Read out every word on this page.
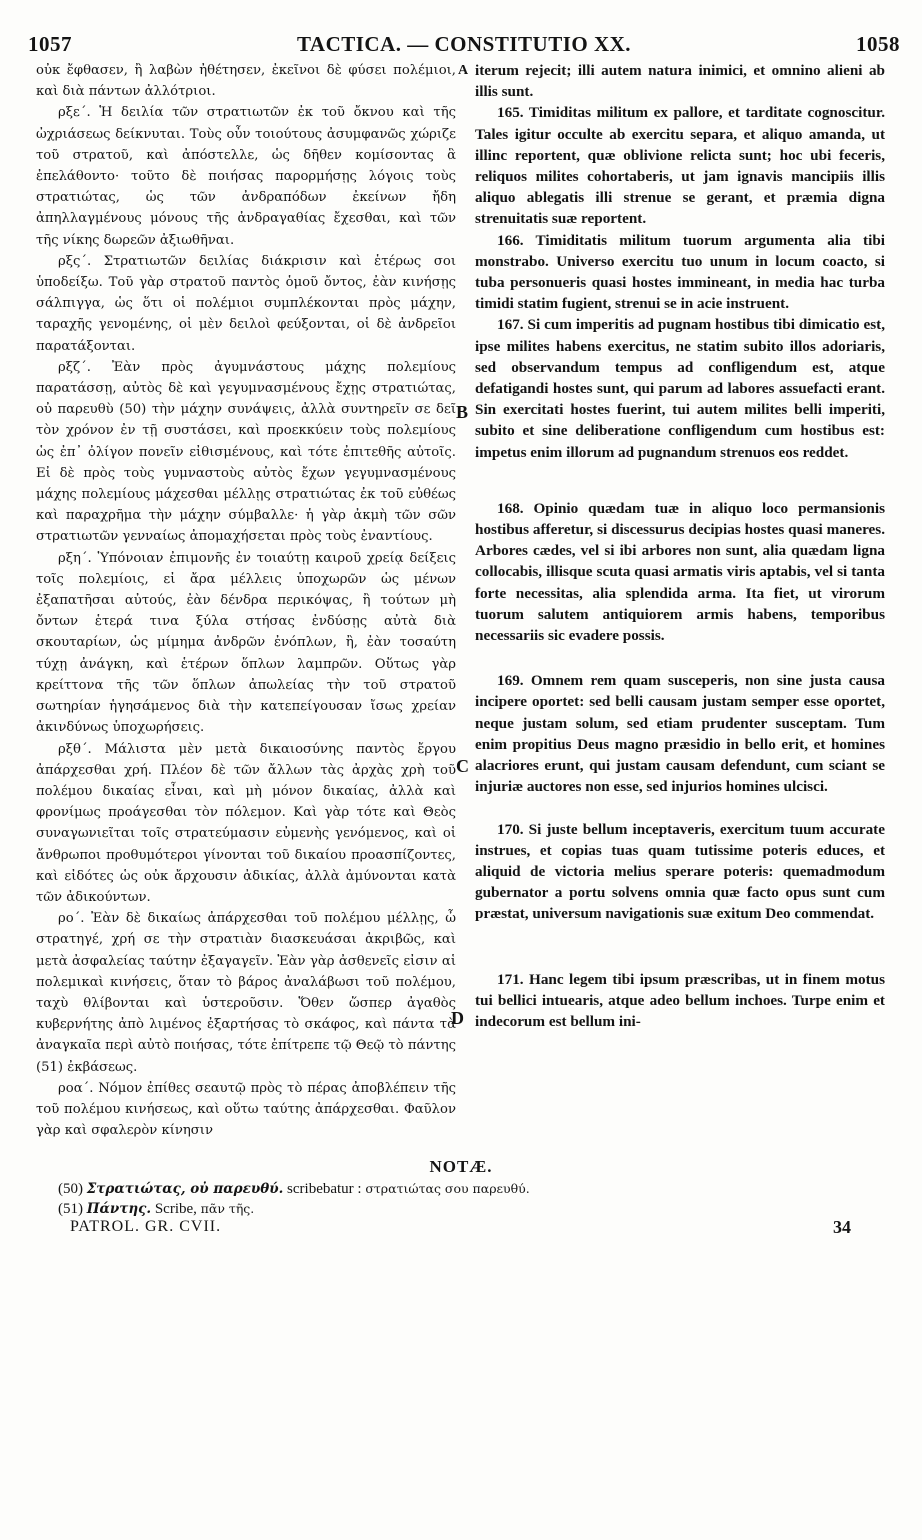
1057	TACTICA. — CONSTITUTIO XX.	1058

οὐκ ἔφθασεν, ἢ λαβὼν ἠθέτησεν, ἐκεῖνοι δὲ φύσει πολέμιοι, καὶ διὰ πάντων ἀλλότριοι.

ρξε΄. Ἡ δειλία τῶν στρατιωτῶν ἐκ τοῦ ὄκνου καὶ τῆς ὠχριάσεως δείκνυται. Τοὺς οὖν τοιούτους ἀσυμφανῶς χώριζε τοῦ στρατοῦ, καὶ ἀπόστελλε, ὡς δῆθεν κομίσοντας ἃ ἐπελάθοντο· τοῦτο δὲ ποιήσας παρορμήσῃς λόγοις τοὺς στρατιώτας, ὡς τῶν ἀνδραπόδων ἐκείνων ἤδη ἀπηλλαγμένους μόνους τῆς ἀνδραγαθίας ἔχεσθαι, καὶ τῶν τῆς νίκης δωρεῶν ἀξιωθῆναι.

ρξς΄. Στρατιωτῶν δειλίας διάκρισιν καὶ ἑτέρως σοι ὑποδείξω. Τοῦ γὰρ στρατοῦ παντὸς ὁμοῦ ὄντος, ἐὰν κινήσῃς σάλπιγγα, ὡς ὅτι οἱ πολέμιοι συμπλέκονται πρὸς μάχην, ταραχῆς γενομένης, οἱ μὲν δειλοὶ φεύξονται, οἱ δὲ ἀνδρεῖοι παρατάξονται.

ρξζ΄. Ἐὰν πρὸς ἀγυμνάστους μάχης πολεμίους παρατάσσῃ, αὐτὸς δὲ καὶ γεγυμνασμένους ἔχῃς στρατιώτας, οὐ παρευθὺ (50) τὴν μάχην συνάψεις, ἀλλὰ συντηρεῖν σε δεῖ τὸν χρόνον ἐν τῇ συστάσει, καὶ προεκκύειν τοὺς πολεμίους ὡς ἐπ᾿ ὀλίγον πονεῖν εἰθισμένους, καὶ τότε ἐπιτεθῆς αὐτοῖς. Εἰ δὲ πρὸς τοὺς γυμναστοὺς αὐτὸς ἔχων γεγυμνασμένους μάχης πολεμίους μάχεσθαι μέλλῃς στρατιώτας ἐκ τοῦ εὐθέως καὶ παραχρῆμα τὴν μάχην σύμβαλλε· ἡ γὰρ ἀκμὴ τῶν σῶν στρατιωτῶν γενναίως ἀπομαχήσεται πρὸς τοὺς ἐναντίους.

ρξη΄. Ὑπόνοιαν ἐπιμονῆς ἐν τοιαύτῃ καιροῦ χρείᾳ δείξεις τοῖς πολεμίοις, εἰ ἄρα μέλλεις ὑποχωρῶν ὡς μένων ἐξαπατῆσαι αὐτούς, ἐὰν δένδρα περικόψας, ἢ τούτων μὴ ὄντων ἑτερά τινα ξύλα στήσας ἐνδύσῃς αὐτὰ διὰ σκουταρίων, ὡς μίμημα ἀνδρῶν ἐνόπλων, ἢ, ἐὰν τοσαύτη τύχῃ ἀνάγκη, καὶ ἑτέρων ὅπλων λαμπρῶν. Οὕτως γὰρ κρείττονα τῆς τῶν ὅπλων ἀπωλείας τὴν τοῦ στρατοῦ σωτηρίαν ἡγησάμενος διὰ τὴν κατεπείγουσαν ἴσως χρείαν ἀκινδύνως ὑποχωρήσεις.

ρξθ΄. Μάλιστα μὲν μετὰ δικαιοσύνης παντὸς ἔργου ἀπάρχεσθαι χρή. Πλέον δὲ τῶν ἄλλων τὰς ἀρχὰς χρὴ τοῦ πολέμου δικαίας εἶναι, καὶ μὴ μόνον δικαίας, ἀλλὰ καὶ φρονίμως προάγεσθαι τὸν πόλεμον. Καὶ γὰρ τότε καὶ Θεὸς συναγωνιεῖται τοῖς στρατεύμασιν εὐμενὴς γενόμενος, καὶ οἱ ἄνθρωποι προθυμότεροι γίνονται τοῦ δικαίου προασπίζοντες, καὶ εἰδότες ὡς οὐκ ἄρχουσιν ἀδικίας, ἀλλὰ ἀμύνονται κατὰ τῶν ἀδικούντων.

ρο΄. Ἐὰν δὲ δικαίως ἀπάρχεσθαι τοῦ πολέμου μέλλῃς, ὦ στρατηγέ, χρή σε τὴν στρατιὰν διασκευάσαι ἀκριβῶς, καὶ μετὰ ἀσφαλείας ταύτην ἐξαγαγεῖν. Ἐὰν γὰρ ἀσθενεῖς εἰσιν αἱ πολεμικαὶ κινήσεις, ὅταν τὸ βάρος ἀναλάβωσι τοῦ πολέμου, ταχὺ θλίβονται καὶ ὑστεροῦσιν. Ὅθεν ὥσπερ ἀγαθὸς κυβερνήτης ἀπὸ λιμένος ἐξαρτήσας τὸ σκάφος, καὶ πάντα τὰ ἀναγκαῖα περὶ αὐτὸ ποιήσας, τότε ἐπίτρεπε τῷ Θεῷ τὸ πάντης (51) ἐκβάσεως.

ροα΄. Νόμον ἐπίθες σεαυτῷ πρὸς τὸ πέρας ἀποβλέπειν τῆς τοῦ πολέμου κινήσεως, καὶ οὕτω ταύτης ἀπάρχεσθαι. Φαῦλον γὰρ καὶ σφαλερὸν κίνησιν

A
B
C
D

iterum rejecit; illi autem natura inimici, et omnino alieni ab illis sunt.

165. Timiditas militum ex pallore, et tarditate cognoscitur. Tales igitur occulte ab exercitu separa, et aliquo amanda, ut illinc reportent, quæ oblivione relicta sunt; hoc ubi feceris, reliquos milites cohortaberis, ut jam ignavis mancipiis illis aliquo ablegatis illi strenue se gerant, et præmia digna strenuitatis suæ reportent.

166. Timiditatis militum tuorum argumenta alia tibi monstrabo. Universo exercitu tuo unum in locum coacto, si tuba personueris quasi hostes immineant, in media hac turba timidi statim fugient, strenui se in acie instruent.

167. Si cum imperitis ad pugnam hostibus tibi dimicatio est, ipse milites habens exercitus, ne statim subito illos adoriaris, sed observandum tempus ad confligendum est, atque defatigandi hostes sunt, qui parum ad labores assuefacti erant. Sin exercitati hostes fuerint, tui autem milites belli imperiti, subito et sine deliberatione confligendum cum hostibus est: impetus enim illorum ad pugnandum strenuos eos reddet.

168. Opinio quædam tuæ in aliquo loco permansionis hostibus afferetur, si discessurus decipias hostes quasi maneres. Arbores cædes, vel si ibi arbores non sunt, alia quædam ligna collocabis, illisque scuta quasi armatis viris aptabis, vel si tanta forte necessitas, alia splendida arma. Ita fiet, ut virorum tuorum salutem antiquiorem armis habens, temporibus necessariis sic evadere possis.

169. Omnem rem quam susceperis, non sine justa causa incipere oportet: sed belli causam justam semper esse oportet, neque justam solum, sed etiam prudenter susceptam. Tum enim propitius Deus magno præsidio in bello erit, et homines alacriores erunt, qui justam causam defendunt, cum sciant se injuriæ auctores non esse, sed injurios homines ulcisci.

170. Si juste bellum inceptaveris, exercitum tuum accurate instrues, et copias tuas quam tutissime poteris educes, et aliquid de victoria melius sperare poteris: quemadmodum gubernator a portu solvens omnia quæ facto opus sunt cum præstat, universum navigationis suæ exitum Deo commendat.

171. Hanc legem tibi ipsum præscribas, ut in finem motus tui bellici intuearis, atque adeo bellum inchoes. Turpe enim et indecorum est bellum ini-

NOTÆ.
(50) Στρατιώτας, οὐ παρευθύ. scribebatur : στρατιώτας σου παρευθύ.
(51) Πάντης. Scribe, πᾶν τῆς.
PATROL. GR. CVII.	34
